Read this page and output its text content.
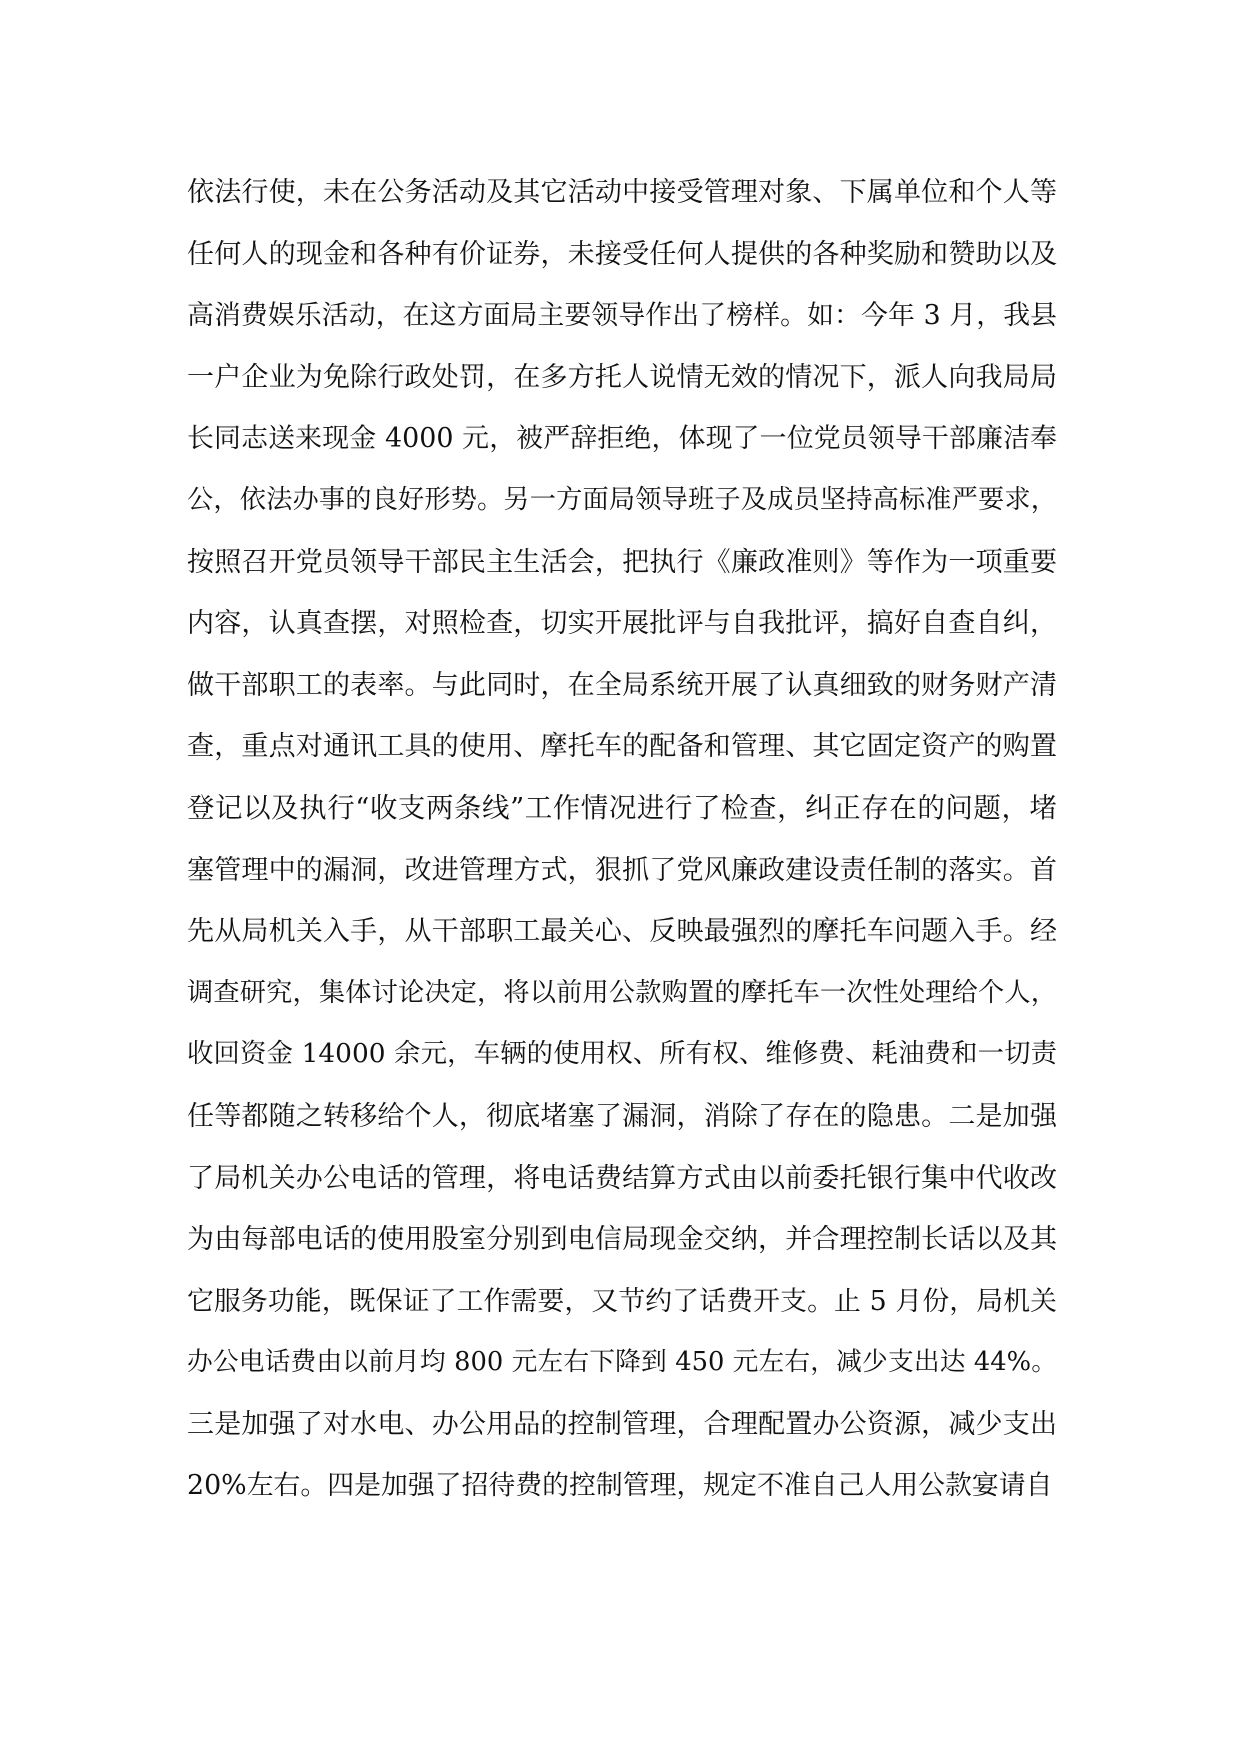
依法行使，未在公务活动及其它活动中接受管理对象、下属单位和个人等
任何人的现金和各种有价证券，未接受任何人提供的各种奖励和赞助以及
高消费娱乐活动，在这方面局主要领导作出了榜样。如：今年 3 月，我县
一户企业为免除行政处罚，在多方托人说情无效的情况下，派人向我局局
长同志送来现金 4000 元，被严辞拒绝，体现了一位党员领导干部廉洁奉
公，依法办事的良好形势。另一方面局领导班子及成员坚持高标准严要求，
按照召开党员领导干部民主生活会，把执行《廉政准则》等作为一项重要
内容，认真查摆，对照检查，切实开展批评与自我批评，搞好自查自纠，
做干部职工的表率。与此同时，在全局系统开展了认真细致的财务财产清
查，重点对通讯工具的使用、摩托车的配备和管理、其它固定资产的购置
登记以及执行“收支两条线”工作情况进行了检查，纠正存在的问题，堵
塞管理中的漏洞，改进管理方式，狠抓了党风廉政建设责任制的落实。首
先从局机关入手，从干部职工最关心、反映最强烈的摩托车问题入手。经
调查研究，集体讨论决定，将以前用公款购置的摩托车一次性处理给个人，
收回资金 14000 余元，车辆的使用权、所有权、维修费、耗油费和一切责
任等都随之转移给个人，彻底堵塞了漏洞，消除了存在的隐患。二是加强
了局机关办公电话的管理，将电话费结算方式由以前委托银行集中代收改
为由每部电话的使用股室分别到电信局现金交纳，并合理控制长话以及其
它服务功能，既保证了工作需要，又节约了话费开支。止 5 月份，局机关
办公电话费由以前月均 800 元左右下降到 450 元左右，减少支出达 44%。
三是加强了对水电、办公用品的控制管理，合理配置办公资源，减少支出
20%左右。四是加强了招待费的控制管理，规定不准自己人用公款宴请自
